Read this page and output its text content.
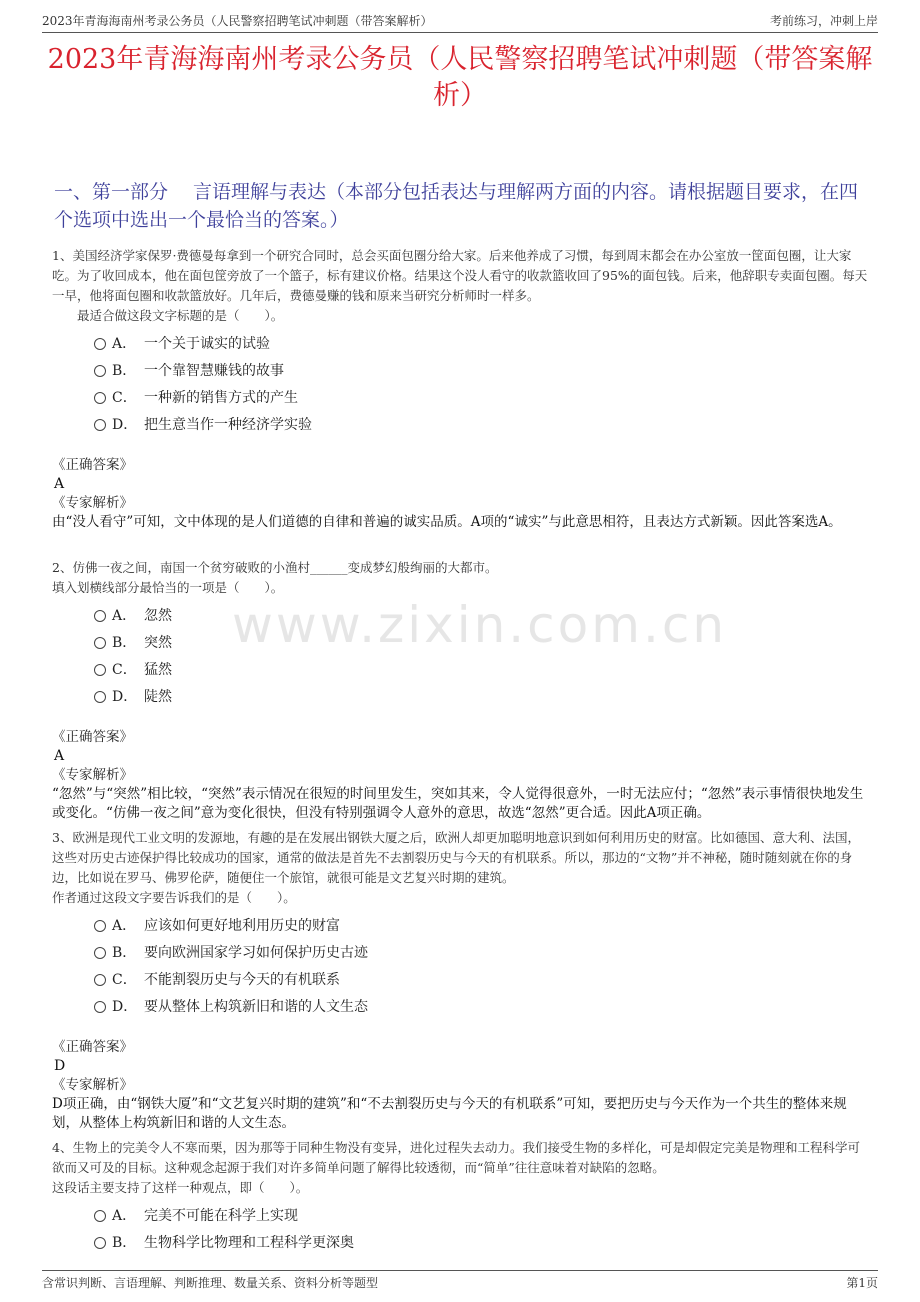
2023年青海海南州考录公务员（人民警察招聘笔试冲刺题（带答案解析）	考前练习，冲刺上岸
2023年青海海南州考录公务员（人民警察招聘笔试冲刺题（带答案解析）
一、第一部分　 言语理解与表达（本部分包括表达与理解两方面的内容。请根据题目要求，在四个选项中选出一个最恰当的答案。）
www.zixin.com.cn
1、美国经济学家保罗·费德曼每拿到一个研究合同时，总会买面包圈分给大家。后来他养成了习惯，每到周末都会在办公室放一筐面包圈，让大家吃。为了收回成本，他在面包筐旁放了一个篮子，标有建议价格。结果这个没人看守的收款篮收回了95%的面包钱。后来，他辞职专卖面包圈。每天一早，他将面包圈和收款篮放好。几年后，费德曼赚的钱和原来当研究分析师时一样多。
　　最适合做这段文字标题的是（　　）。
A． 一个关于诚实的试验
B． 一个靠智慧赚钱的故事
C． 一种新的销售方式的产生
D． 把生意当作一种经济学实验
《正确答案》
A
《专家解析》
由“没人看守”可知，文中体现的是人们道德的自律和普遍的诚实品质。A项的“诚实”与此意思相符，且表达方式新颖。因此答案选A。
2、仿佛一夜之间，南国一个贫穷破败的小渔村______变成梦幻般绚丽的大都市。
填入划横线部分最恰当的一项是（　　）。
A． 忽然
B． 突然
C． 猛然
D． 陡然
《正确答案》
A
《专家解析》
“忽然”与“突然”相比较，“突然”表示情况在很短的时间里发生，突如其来，令人觉得很意外，一时无法应付；“忽然”表示事情很快地发生或变化。“仿佛一夜之间”意为变化很快，但没有特别强调令人意外的意思，故选“忽然”更合适。因此A项正确。
3、欧洲是现代工业文明的发源地，有趣的是在发展出钢铁大厦之后，欧洲人却更加聪明地意识到如何利用历史的财富。比如德国、意大利、法国，这些对历史古迹保护得比较成功的国家，通常的做法是首先不去割裂历史与今天的有机联系。所以，那边的“文物”并不神秘，随时随刻就在你的身边，比如说在罗马、佛罗伦萨，随便住一个旅馆，就很可能是文艺复兴时期的建筑。
作者通过这段文字要告诉我们的是（　　）。
A． 应该如何更好地利用历史的财富
B． 要向欧洲国家学习如何保护历史古迹
C． 不能割裂历史与今天的有机联系
D． 要从整体上构筑新旧和谐的人文生态
《正确答案》
D
《专家解析》
D项正确，由“钢铁大厦”和“文艺复兴时期的建筑”和“不去割裂历史与今天的有机联系”可知，要把历史与今天作为一个共生的整体来规划，从整体上构筑新旧和谐的人文生态。
4、生物上的完美令人不寒而栗，因为那等于同种生物没有变异，进化过程失去动力。我们接受生物的多样化，可是却假定完美是物理和工程科学可欲而又可及的目标。这种观念起源于我们对许多简单问题了解得比较透彻，而“简单”往往意味着对缺陷的忽略。
这段话主要支持了这样一种观点，即（　　）。
A． 完美不可能在科学上实现
B． 生物科学比物理和工程科学更深奥
含常识判断、言语理解、判断推理、数量关系、资料分析等题型	第1页
